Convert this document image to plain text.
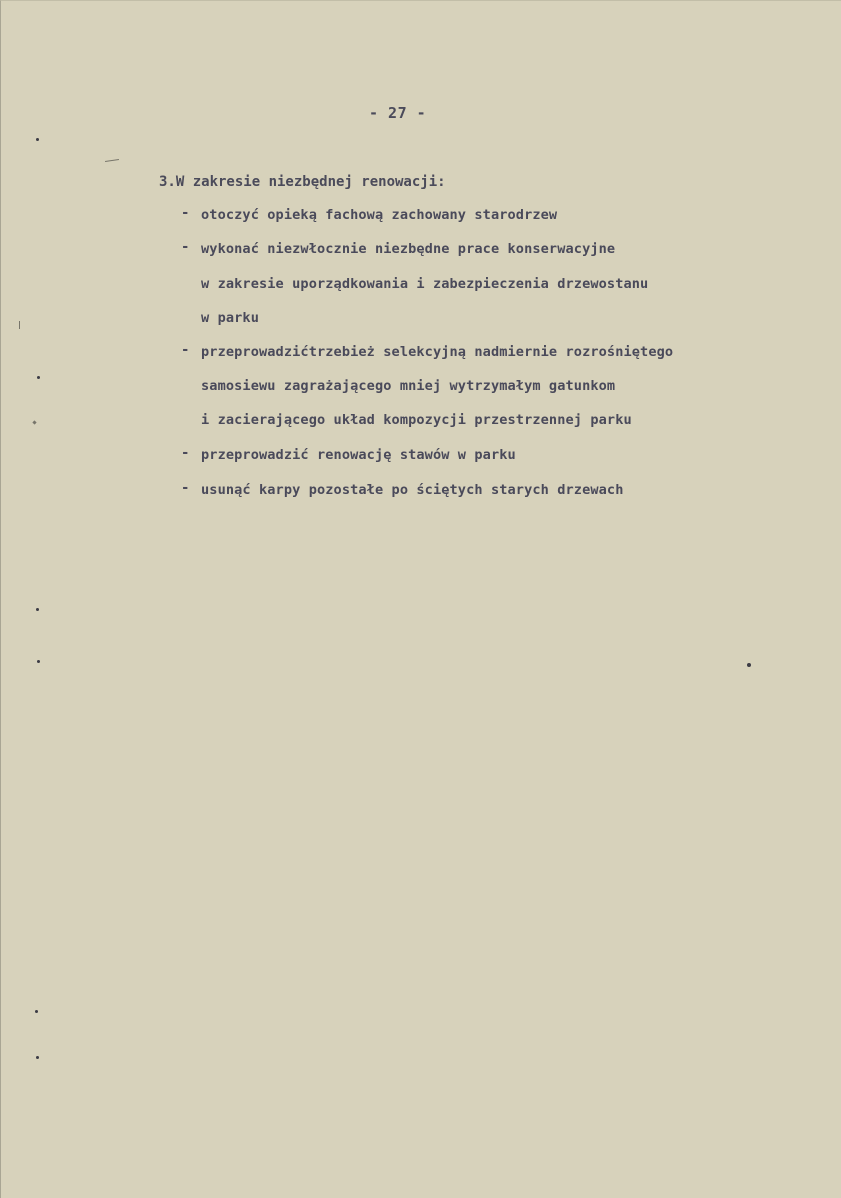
- 27 -
3.W zakresie niezbędnej renowacji:
- otoczyć opieką fachową zachowany starodrzew
- wykonać niezwłocznie niezbędne prace konserwacyjne
w zakresie uporządkowania i zabezpieczenia drzewostanu
w parku
- przeprowadzićtrzebież selekcyjną nadmiernie rozrośniętego
samosiewu zagrażającego mniej wytrzymałym gatunkom
i zacierającego układ kompozycji przestrzennej parku
- przeprowadzić renowację stawów w parku
- usunąć karpy pozostałe po ściętych starych drzewach
